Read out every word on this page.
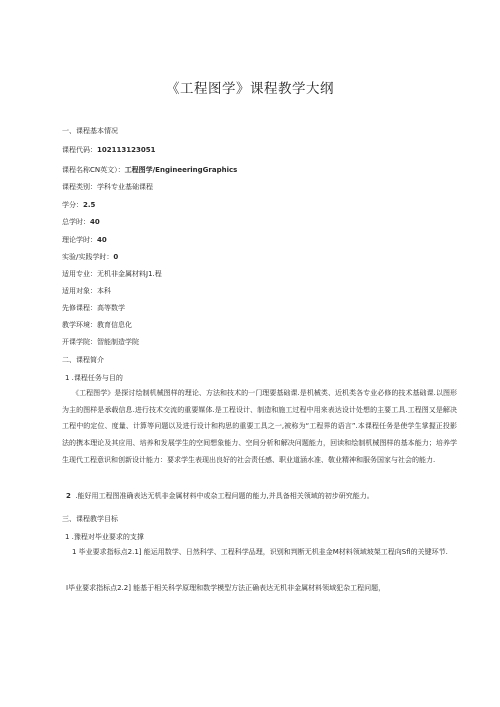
《工程图学》课程教学大纲
一、课程基本情况
课程代码：102113123051
课程名称CN英文）：工程图学/EngineeringGraphics
课程类别：学科专业基础课程
学分：2.5
总学时：40
理论学时：40
实验/实践学时：0
适用专业：无机非金属材料J1.程
适用对象：本科
先修课程：高等数学
教学环境：教育信息化
开课学院：智能制造学院
二、课程简介
1 .课程任务与目的
《工程图学》是探讨绘制机械图样的理论、方法和技术的一门理要基础课.是机械类、近机类各专业必修的技术基础课.以图形为主的图样是承载信息.进行技术交流的重要媒体.是工程设计、制造和施工过程中用来表达设计处想的主要工具.工程图又是解决工程中的定位、度量、计算等问题以及进行设计和构思的重要工具之一,被称为“工程界的语言”.本课程任务是使学生掌握正投影法的携本理论及其应用、培养和发展学生的空间想象能力、空间分析和解决问题能力，回读和绘制机械图样的基本能力；培养学生现代工程意识和创新设计能力：要求学生表现出良好的社会责任感、职业道涵水准、敬业精神和服务国家与社会的能力.
2 .能好用工程图准确表达无机非金属材料中或杂工程问题的能力,并具备相关领域的初步研究能力。
三、课程教学目标
1 .豫程对毕业要求的支撑
1 毕业要求指标点2.1] 能运用数学、日然科学、工程科学品理，识别和判断无机韭金M材料领域坡架工程向Sfl的关键环节.
I毕业要求指标点2.2] 能基于相关科学原理和数学模型方法正确表达无机非金属材料领域犯杂工程问题，
